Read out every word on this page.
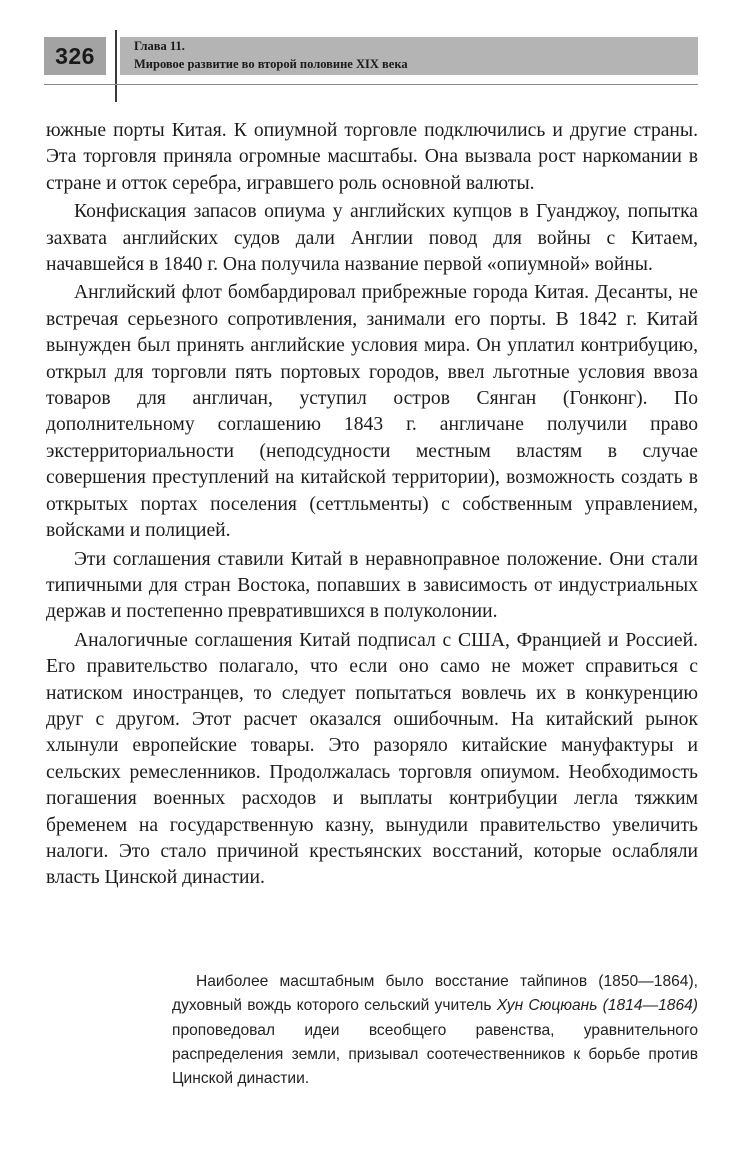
326	Глава 11.
Мировое развитие во второй половине XIX века

южные порты Китая. К опиумной торговле подключились и другие страны. Эта торговля приняла огромные масштабы. Она вызвала рост наркомании в стране и отток серебра, игравшего роль основной валюты.

Конфискация запасов опиума у английских купцов в Гуанджоу, попытка захвата английских судов дали Англии повод для войны с Китаем, начавшейся в 1840 г. Она получила название первой «опиумной» войны.

Английский флот бомбардировал прибрежные города Китая. Десанты, не встречая серьезного сопротивления, занимали его порты. В 1842 г. Китай вынужден был принять английские условия мира. Он уплатил контрибуцию, открыл для торговли пять портовых городов, ввел льготные условия ввоза товаров для англичан, уступил остров Сянган (Гонконг). По дополнительному соглашению 1843 г. англичане получили право экстерриториальности (неподсудности местным властям в случае совершения преступлений на китайской территории), возможность создать в открытых портах поселения (сеттльменты) с собственным управлением, войсками и полицией.

Эти соглашения ставили Китай в неравноправное положение. Они стали типичными для стран Востока, попавших в зависимость от индустриальных держав и постепенно превратившихся в полуколонии.

Аналогичные соглашения Китай подписал с США, Францией и Россией. Его правительство полагало, что если оно само не может справиться с натиском иностранцев, то следует попытаться вовлечь их в конкуренцию друг с другом. Этот расчет оказался ошибочным. На китайский рынок хлынули европейские товары. Это разоряло китайские мануфактуры и сельских ремесленников. Продолжалась торговля опиумом. Необходимость погашения военных расходов и выплаты контрибуции легла тяжким бременем на государственную казну, вынудили правительство увеличить налоги. Это стало причиной крестьянских восстаний, которые ослабляли власть Цинской династии.

Наиболее масштабным было восстание тайпинов (1850—1864), духовный вождь которого сельский учитель Хун Сюцюань (1814—1864) проповедовал идеи всеобщего равенства, уравнительного распределения земли, призывал соотечественников к борьбе против Цинской династии.
